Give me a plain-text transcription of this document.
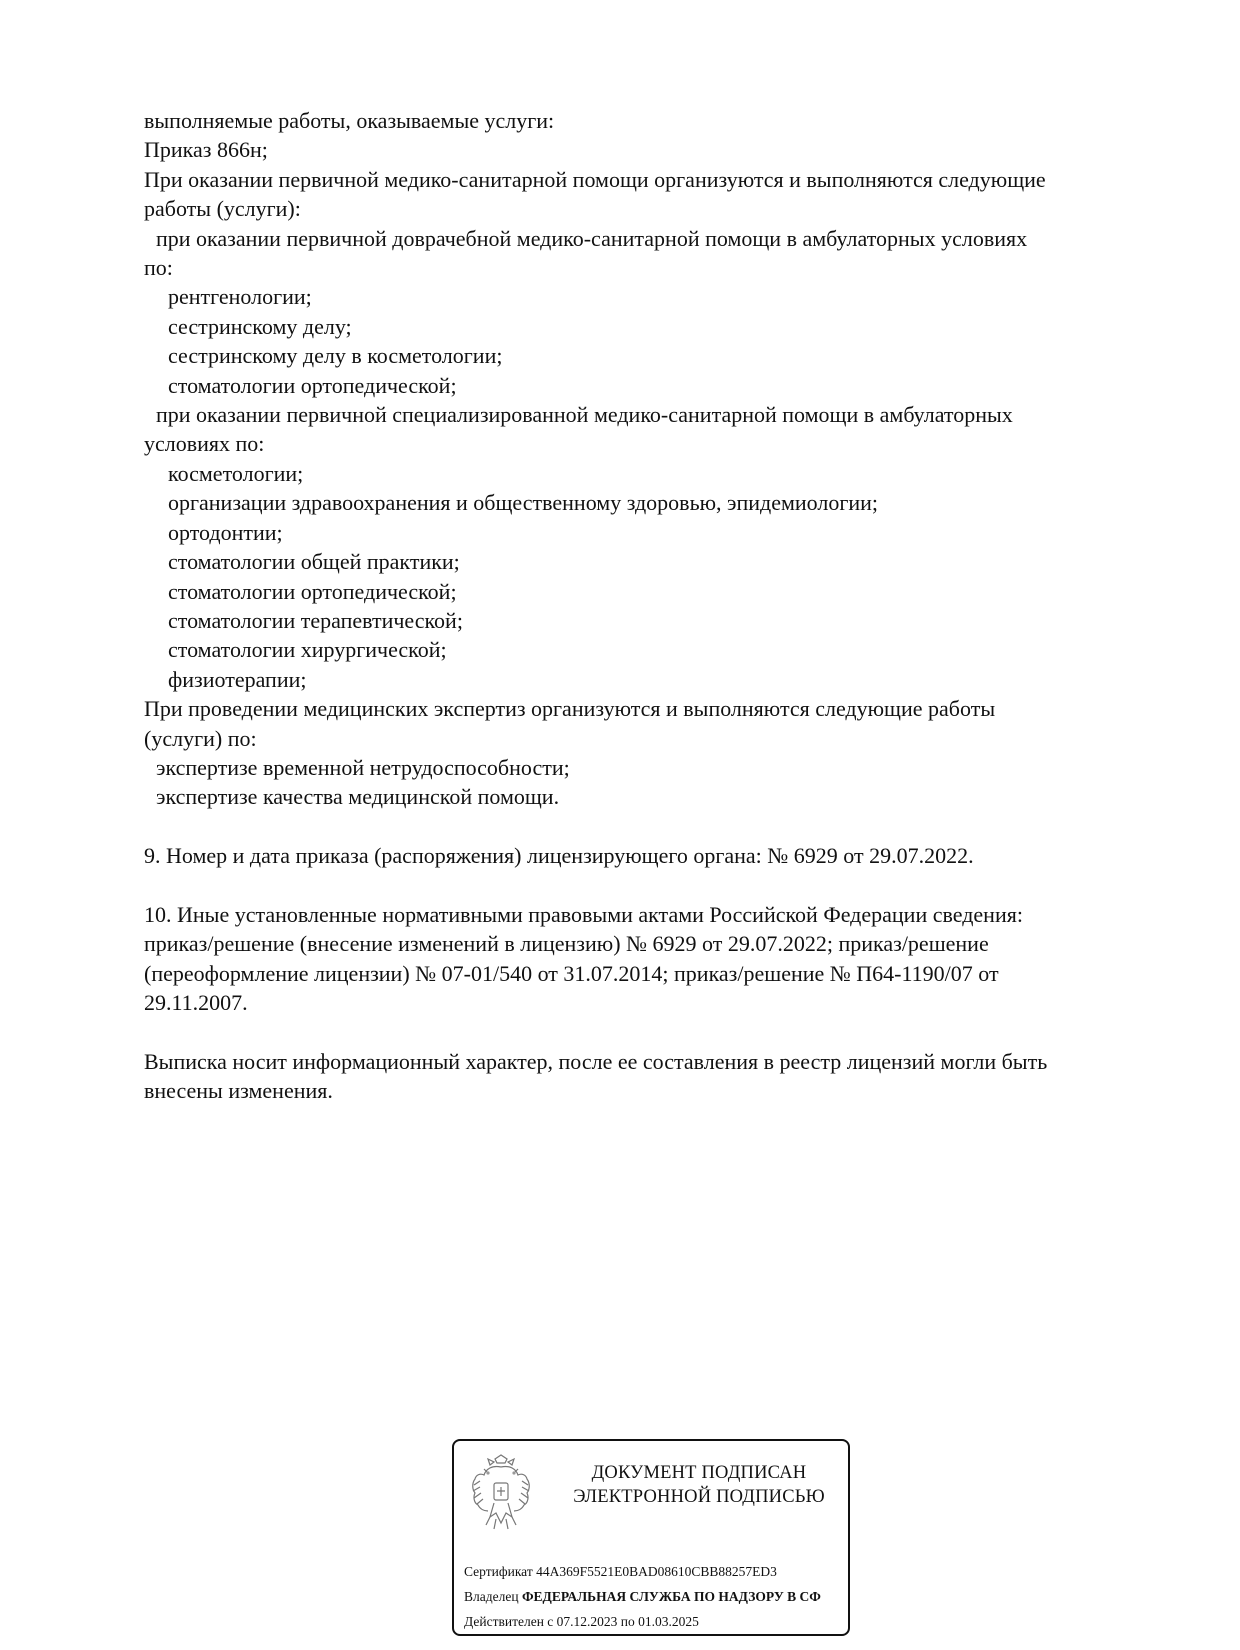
выполняемые работы, оказываемые услуги:
Приказ 866н;
При оказании первичной медико-санитарной помощи организуются и выполняются следующие
работы (услуги):
при оказании первичной доврачебной медико-санитарной помощи в амбулаторных условиях
по:
рентгенологии;
сестринскому делу;
сестринскому делу в косметологии;
стоматологии ортопедической;
при оказании первичной специализированной медико-санитарной помощи в амбулаторных
условиях по:
косметологии;
организации здравоохранения и общественному здоровью, эпидемиологии;
ортодонтии;
стоматологии общей практики;
стоматологии ортопедической;
стоматологии терапевтической;
стоматологии хирургической;
физиотерапии;
При проведении медицинских экспертиз организуются и выполняются следующие работы
(услуги) по:
экспертизе временной нетрудоспособности;
экспертизе качества медицинской помощи.
9. Номер и дата приказа (распоряжения) лицензирующего органа: № 6929 от 29.07.2022.
10. Иные установленные нормативными правовыми актами Российской Федерации сведения:
приказ/решение (внесение изменений в лицензию) № 6929 от 29.07.2022; приказ/решение
(переоформление лицензии) № 07-01/540 от 31.07.2014; приказ/решение № П64-1190/07 от
29.11.2007.
Выписка носит информационный характер, после ее составления в реестр лицензий могли быть
внесены изменения.
ДОКУМЕНТ ПОДПИСАН
ЭЛЕКТРОННОЙ ПОДПИСЬЮ
Сертификат 44A369F5521E0BAD08610CBB88257ED3
Владелец ФЕДЕРАЛЬНАЯ СЛУЖБА ПО НАДЗОРУ В СФ
Действителен с 07.12.2023 по 01.03.2025
